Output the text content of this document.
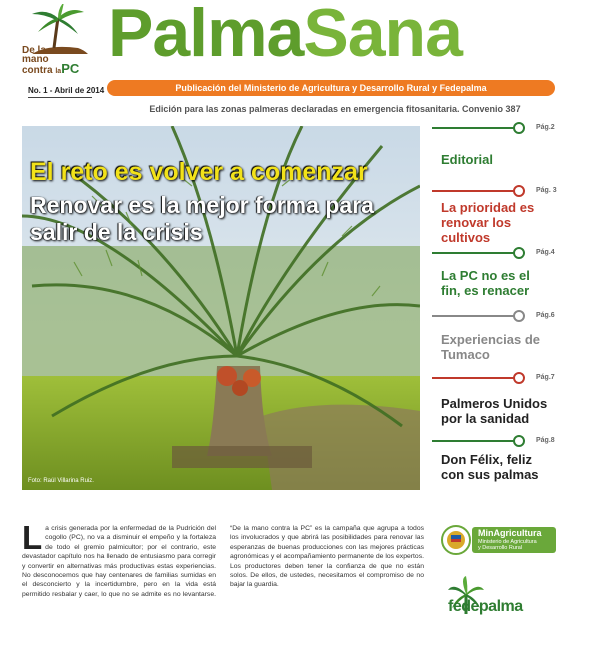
De la
mano
contra laPC PalmaSana
Publicación del Ministerio de Agricultura y Desarrollo Rural y Fedepalma
No. 1 - Abril de 2014
Edición para las zonas palmeras declaradas en emergencia fitosanitaria. Convenio 387
El reto es volver a comenzar
Renovar es la mejor forma para salir de la crisis
Foto: Raúl Villarina Ruiz.
Pág.2
Editorial
Pág. 3
La prioridad es renovar los cultivos
Pág.4
La PC no es el fin, es renacer
Pág.6
Experiencias de Tumaco
Pág.7
Palmeros Unidos por la sanidad
Pág.8
Don Félix, feliz con sus palmas
La crisis generada por la enfermedad de la Pudrición del cogollo (PC), no va a disminuir el empeño y la fortaleza de todo el gremio palmicultor; por el contrario, este devastador capítulo nos ha llenado de entusiasmo para corregir y convertir en alternativas más productivas estas experiencias. No desconocemos que hay centenares de familias sumidas en el desconcierto y la incertidumbre, pero en la vida está permitido resbalar y caer, lo que no se admite es no levantarse. “De la mano contra la PC” es la campaña que agrupa a todos los involucrados y que abrirá las posibilidades para renovar las esperanzas de buenas producciones con las mejores prácticas agronómicas y el acompañamiento permanente de los expertos. Los productores deben tener la confianza de que no están solos. De ellos, de ustedes, necesitamos el compromiso de no bajar la guardia.
MinAgricultura
Ministerio de Agricultura
y Desarrollo Rural
fedepalma
